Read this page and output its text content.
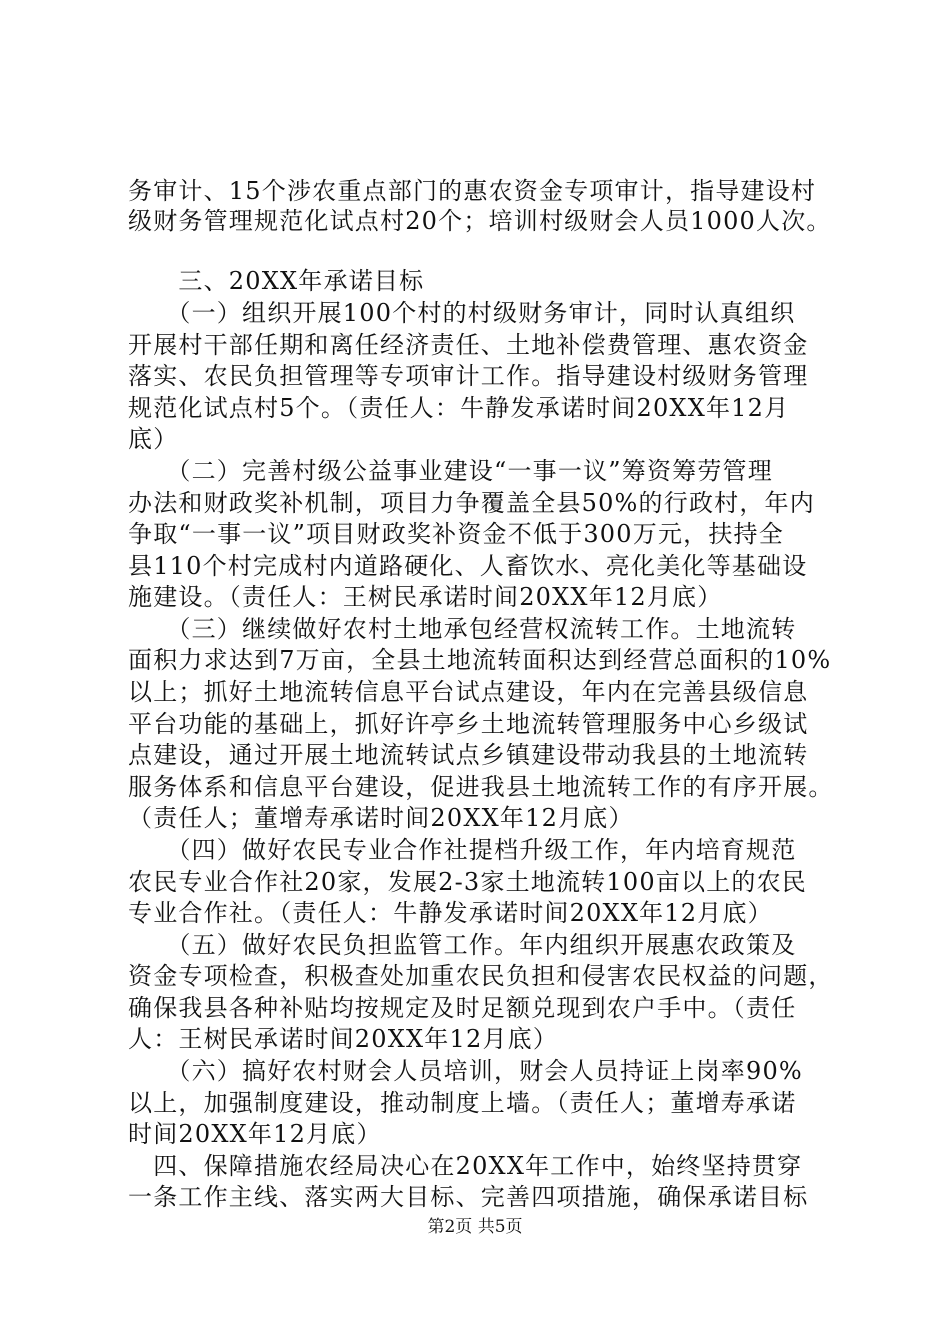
务审计、15个涉农重点部门的惠农资金专项审计，指导建设村
级财务管理规范化试点村20个；培训村级财会人员1000人次。
　　三、20XX年承诺目标
　　（一）组织开展100个村的村级财务审计，同时认真组织
开展村干部任期和离任经济责任、土地补偿费管理、惠农资金
落实、农民负担管理等专项审计工作。指导建设村级财务管理
规范化试点村5个。（责任人：牛静发承诺时间20XX年12月
底）
　　（二）完善村级公益事业建设“一事一议”筹资筹劳管理
办法和财政奖补机制，项目力争覆盖全县50%的行政村，年内
争取“一事一议”项目财政奖补资金不低于300万元，扶持全
县110个村完成村内道路硬化、人畜饮水、亮化美化等基础设
施建设。（责任人：王树民承诺时间20XX年12月底）
　　（三）继续做好农村土地承包经营权流转工作。土地流转
面积力求达到7万亩，全县土地流转面积达到经营总面积的10%
以上；抓好土地流转信息平台试点建设，年内在完善县级信息
平台功能的基础上，抓好许亭乡土地流转管理服务中心乡级试
点建设，通过开展土地流转试点乡镇建设带动我县的土地流转
服务体系和信息平台建设，促进我县土地流转工作的有序开展。
（责任人；董增寿承诺时间20XX年12月底）
　　（四）做好农民专业合作社提档升级工作，年内培育规范
农民专业合作社20家，发展2-3家土地流转100亩以上的农民
专业合作社。（责任人：牛静发承诺时间20XX年12月底）
　　（五）做好农民负担监管工作。年内组织开展惠农政策及
资金专项检查，积极查处加重农民负担和侵害农民权益的问题，
确保我县各种补贴均按规定及时足额兑现到农户手中。（责任
人：王树民承诺时间20XX年12月底）
　　（六）搞好农村财会人员培训，财会人员持证上岗率90%
以上，加强制度建设，推动制度上墙。（责任人；董增寿承诺
时间20XX年12月底）
　四、保障措施农经局决心在20XX年工作中，始终坚持贯穿
一条工作主线、落实两大目标、完善四项措施，确保承诺目标
第2页 共5页
